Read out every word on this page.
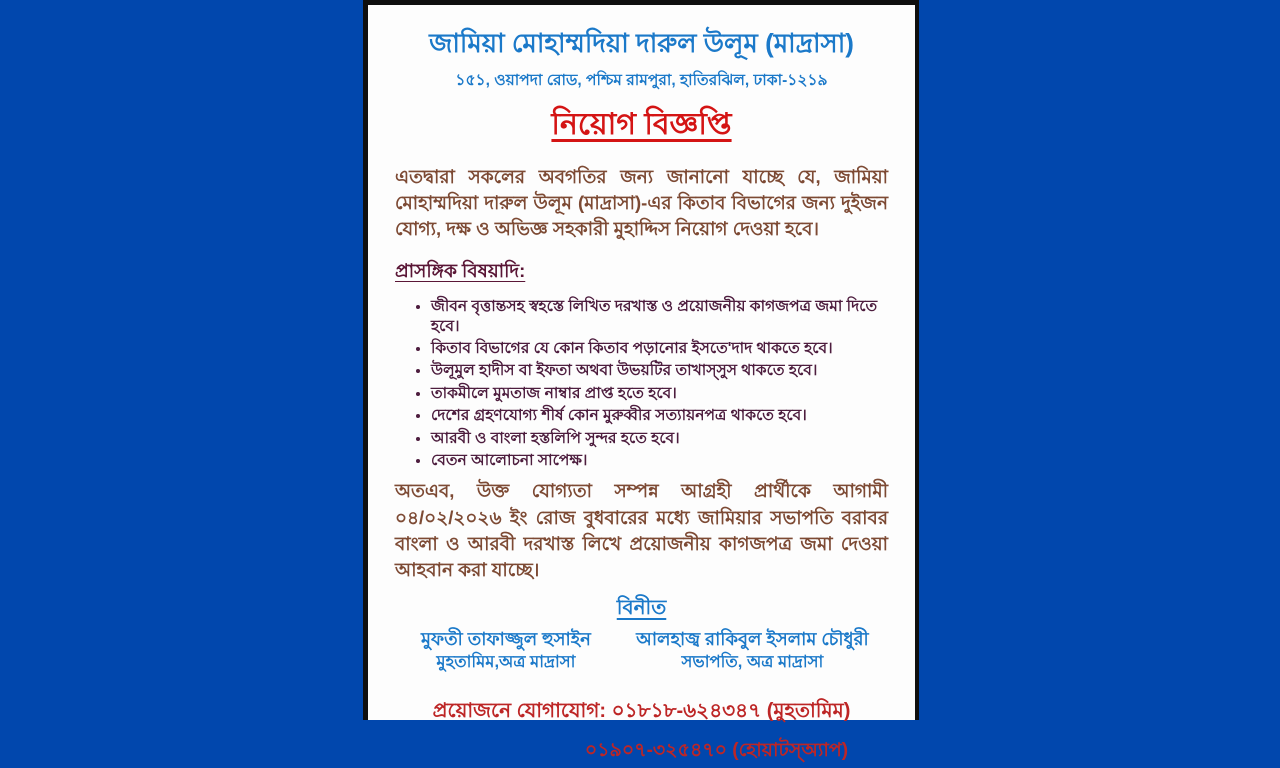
জামিয়া মোহাম্মদিয়া দারুল উলূম (মাদ্রাসা)
১৫১, ওয়াপদা রোড, পশ্চিম রামপুরা, হাতিরঝিল, ঢাকা-১২১৯
নিয়োগ বিজ্ঞপ্তি
এতদ্বারা সকলের অবগতির জন্য জানানো যাচ্ছে যে, জামিয়া মোহাম্মদিয়া দারুল উলূম (মাদ্রাসা)-এর কিতাব বিভাগের জন্য দুইজন যোগ্য, দক্ষ ও অভিজ্ঞ সহকারী মুহাদ্দিস নিয়োগ দেওয়া হবে।
প্রাসঙ্গিক বিষয়াদি:
• জীবন বৃত্তান্তসহ স্বহস্তে লিখিত দরখাস্ত ও প্রয়োজনীয় কাগজপত্র জমা দিতে হবে।
• কিতাব বিভাগের যে কোন কিতাব পড়ানোর ইসতে'দাদ থাকতে হবে।
• উলূমুল হাদীস বা ইফতা অথবা উভয়টির তাখাস্সুস থাকতে হবে।
• তাকমীলে মুমতাজ নাম্বার প্রাপ্ত হতে হবে।
• দেশের গ্রহণযোগ্য শীর্ষ কোন মুরুব্বীর সত্যায়নপত্র থাকতে হবে।
• আরবী ও বাংলা হস্তলিপি সুন্দর হতে হবে।
• বেতন আলোচনা সাপেক্ষ।
অতএব, উক্ত যোগ্যতা সম্পন্ন আগ্রহী প্রার্থীকে আগামী ০৪/০২/২০২৬ ইং রোজ বুধবারের মধ্যে জামিয়ার সভাপতি বরাবর বাংলা ও আরবী দরখাস্ত লিখে প্রয়োজনীয় কাগজপত্র জমা দেওয়া আহবান করা যাচ্ছে।
বিনীত
মুফতী তাফাজ্জুল হুসাইন
মুহতামিম,অত্র মাদ্রাসা
আলহাজ্ব রাকিবুল ইসলাম চৌধুরী
সভাপতি, অত্র মাদ্রাসা
প্রয়োজনে যোগাযোগ: ০১৮১৮-৬২৪৩৪৭ (মুহতামিম)
০১৯০৭-৩২৫৪৭০ (হোয়াটস্অ্যাপ)
